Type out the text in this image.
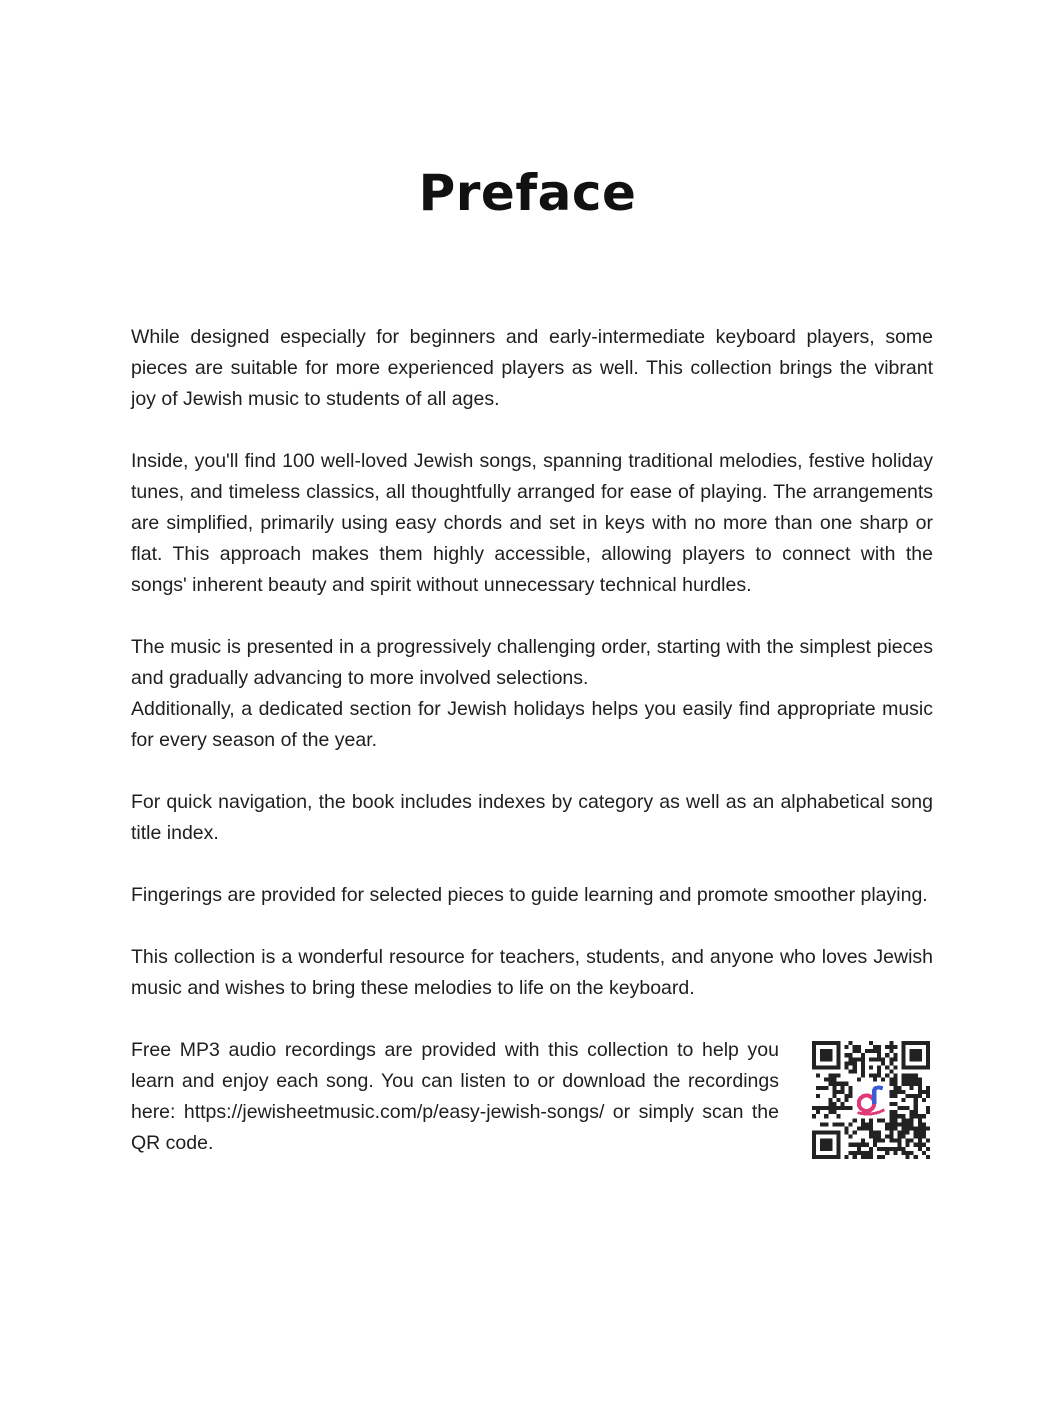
Preface

While designed especially for beginners and early-intermediate keyboard players, some pieces are suitable for more experienced players as well. This collection brings the vibrant joy of Jewish music to students of all ages.

Inside, you'll find 100 well-loved Jewish songs, spanning traditional melodies, festive holiday tunes, and timeless classics, all thoughtfully arranged for ease of playing. The arrangements are simplified, primarily using easy chords and set in keys with no more than one sharp or flat. This approach makes them highly accessible, allowing players to connect with the songs' inherent beauty and spirit without unnecessary technical hurdles.

The music is presented in a progressively challenging order, starting with the simplest pieces and gradually advancing to more involved selections.

Additionally, a dedicated section for Jewish holidays helps you easily find appropriate music for every season of the year.

For quick navigation, the book includes indexes by category as well as an alphabetical song title index.

Fingerings are provided for selected pieces to guide learning and promote smoother playing.

This collection is a wonderful resource for teachers, students, and anyone who loves Jewish music and wishes to bring these melodies to life on the keyboard.

Free MP3 audio recordings are provided with this collection to help you learn and enjoy each song. You can listen to or download the recordings here: https://jewisheetmusic.com/p/easy-jewish-songs/ or simply scan the QR code.
